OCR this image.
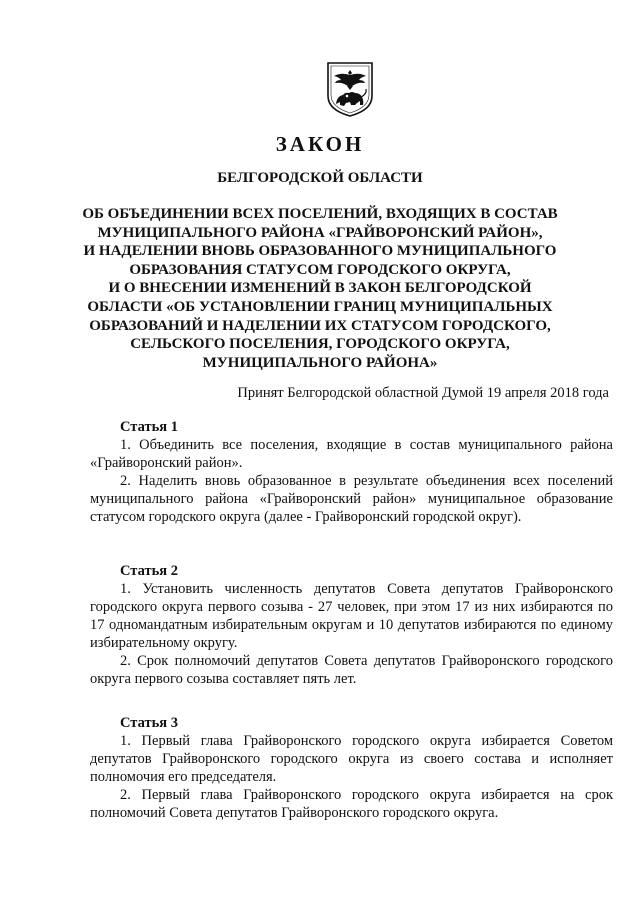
ЗАКОН

БЕЛГОРОДСКОЙ ОБЛАСТИ

ОБ ОБЪЕДИНЕНИИ ВСЕХ ПОСЕЛЕНИЙ, ВХОДЯЩИХ В СОСТАВ
МУНИЦИПАЛЬНОГО РАЙОНА «ГРАЙВОРОНСКИЙ РАЙОН»,
И НАДЕЛЕНИИ ВНОВЬ ОБРАЗОВАННОГО МУНИЦИПАЛЬНОГО
ОБРАЗОВАНИЯ СТАТУСОМ ГОРОДСКОГО ОКРУГА,
И О ВНЕСЕНИИ ИЗМЕНЕНИЙ В ЗАКОН БЕЛГОРОДСКОЙ
ОБЛАСТИ «ОБ УСТАНОВЛЕНИИ ГРАНИЦ МУНИЦИПАЛЬНЫХ
ОБРАЗОВАНИЙ И НАДЕЛЕНИИ ИХ СТАТУСОМ ГОРОДСКОГО,
СЕЛЬСКОГО ПОСЕЛЕНИЯ, ГОРОДСКОГО ОКРУГА,
МУНИЦИПАЛЬНОГО РАЙОНА»

Принят Белгородской областной Думой 19 апреля 2018 года

Статья 1

1. Объединить все поселения, входящие в состав муниципального района «Грайворонский район».

2. Наделить вновь образованное в результате объединения всех поселений муниципального района «Грайворонский район» муниципальное образование статусом городского округа (далее - Грайворонский городской округ).

Статья 2

1. Установить численность депутатов Совета депутатов Грайворонского городского округа первого созыва - 27 человек, при этом 17 из них избираются по 17 одномандатным избирательным округам и 10 депутатов избираются по единому избирательному округу.

2. Срок полномочий депутатов Совета депутатов Грайворонского городского округа первого созыва составляет пять лет.

Статья 3

1. Первый глава Грайворонского городского округа избирается Советом депутатов Грайворонского городского округа из своего состава и исполняет полномочия его председателя.

2. Первый глава Грайворонского городского округа избирается на срок полномочий Совета депутатов Грайворонского городского округа.
